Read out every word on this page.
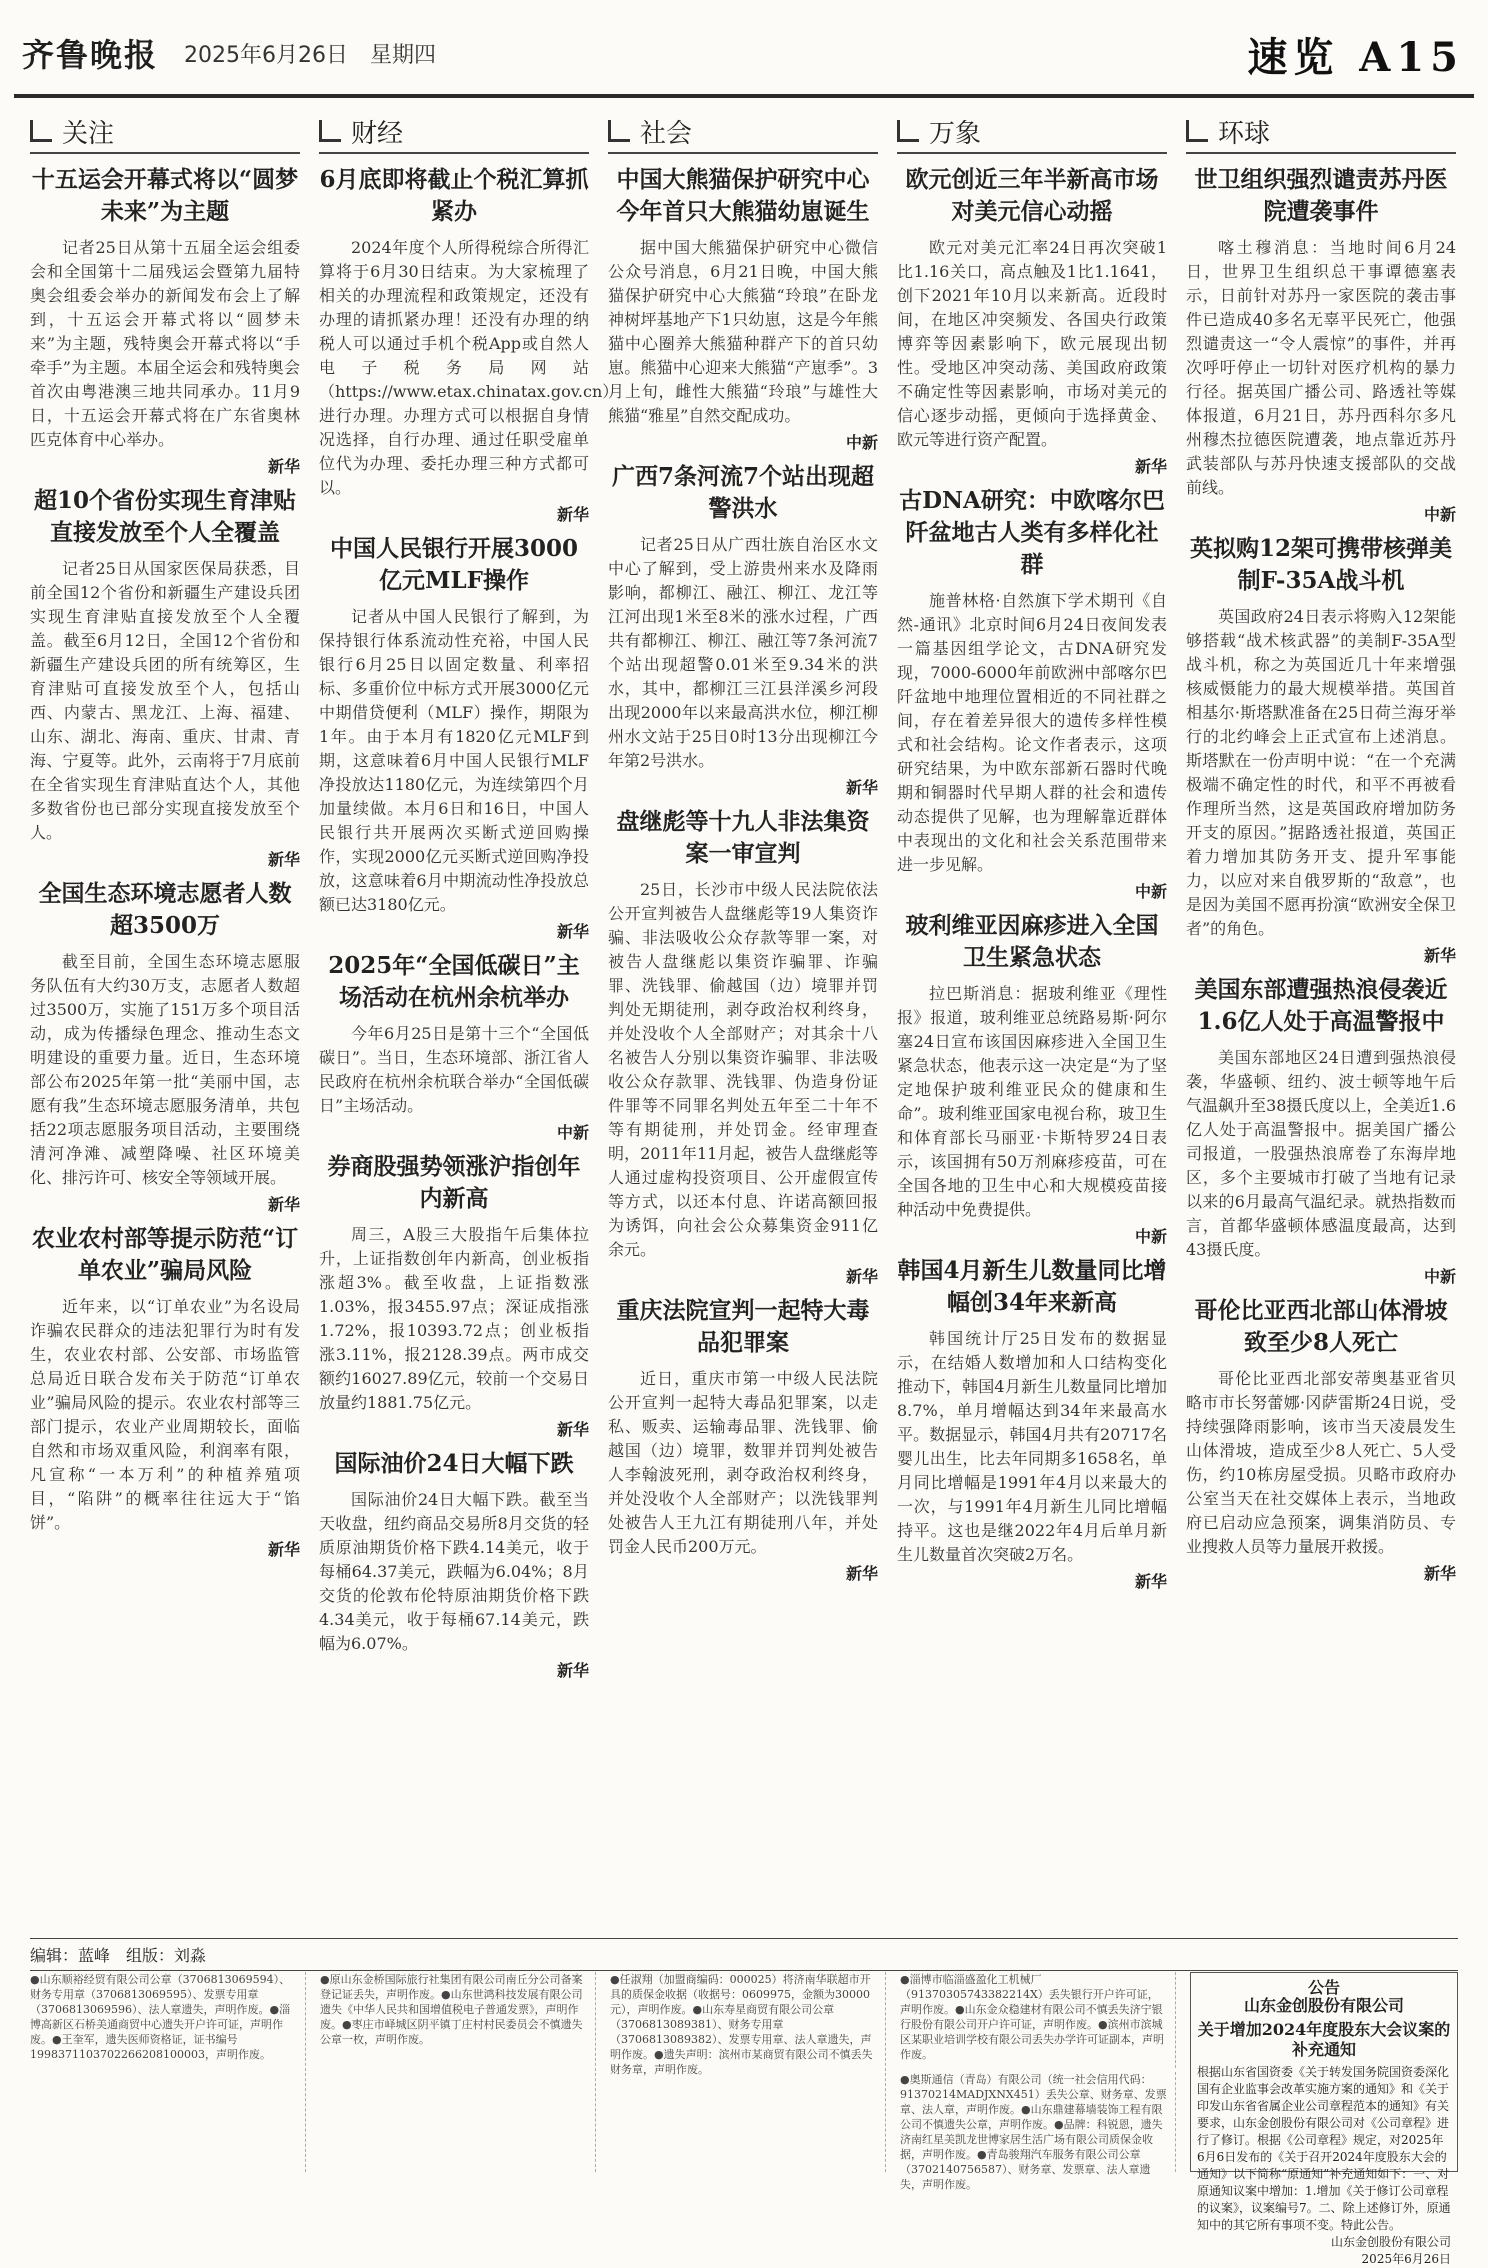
齐鲁晚报 2025年6月26日　星期四	速览 A15
关注
十五运会开幕式将以“圆梦未来”为主题
记者25日从第十五届全运会组委会和全国第十二届残运会暨第九届特奥会组委会举办的新闻发布会上了解到，十五运会开幕式将以“圆梦未来”为主题，残特奥会开幕式将以“手牵手”为主题。本届全运会和残特奥会首次由粤港澳三地共同承办。11月9日，十五运会开幕式将在广东省奥林匹克体育中心举办。
新华
超10个省份实现生育津贴直接发放至个人全覆盖
记者25日从国家医保局获悉，目前全国12个省份和新疆生产建设兵团实现生育津贴直接发放至个人全覆盖。截至6月12日，全国12个省份和新疆生产建设兵团的所有统筹区，生育津贴可直接发放至个人，包括山西、内蒙古、黑龙江、上海、福建、山东、湖北、海南、重庆、甘肃、青海、宁夏等。此外，云南将于7月底前在全省实现生育津贴直达个人，其他多数省份也已部分实现直接发放至个人。
新华
全国生态环境志愿者人数超3500万
截至目前，全国生态环境志愿服务队伍有大约30万支，志愿者人数超过3500万，实施了151万多个项目活动，成为传播绿色理念、推动生态文明建设的重要力量。近日，生态环境部公布2025年第一批“美丽中国，志愿有我”生态环境志愿服务清单，共包括22项志愿服务项目活动，主要围绕清河净滩、减塑降噪、社区环境美化、排污许可、核安全等领域开展。
新华
农业农村部等提示防范“订单农业”骗局风险
近年来，以“订单农业”为名设局诈骗农民群众的违法犯罪行为时有发生，农业农村部、公安部、市场监管总局近日联合发布关于防范“订单农业”骗局风险的提示。农业农村部等三部门提示，农业产业周期较长，面临自然和市场双重风险，利润率有限，凡宣称“一本万利”的种植养殖项目，“陷阱”的概率往往远大于“馅饼”。
新华
财经
6月底即将截止个税汇算抓紧办
2024年度个人所得税综合所得汇算将于6月30日结束。为大家梳理了相关的办理流程和政策规定，还没有办理的请抓紧办理！还没有办理的纳税人可以通过手机个税App或自然人电子税务局网站（https://www.etax.chinatax.gov.cn）进行办理。办理方式可以根据自身情况选择，自行办理、通过任职受雇单位代为办理、委托办理三种方式都可以。
新华
中国人民银行开展3000亿元MLF操作
记者从中国人民银行了解到，为保持银行体系流动性充裕，中国人民银行6月25日以固定数量、利率招标、多重价位中标方式开展3000亿元中期借贷便利（MLF）操作，期限为1年。由于本月有1820亿元MLF到期，这意味着6月中国人民银行MLF净投放达1180亿元，为连续第四个月加量续做。本月6日和16日，中国人民银行共开展两次买断式逆回购操作，实现2000亿元买断式逆回购净投放，这意味着6月中期流动性净投放总额已达3180亿元。
新华
2025年“全国低碳日”主场活动在杭州余杭举办
今年6月25日是第十三个“全国低碳日”。当日，生态环境部、浙江省人民政府在杭州余杭联合举办“全国低碳日”主场活动。
中新
券商股强势领涨沪指创年内新高
周三，A股三大股指午后集体拉升，上证指数创年内新高，创业板指涨超3%。截至收盘，上证指数涨1.03%，报3455.97点；深证成指涨1.72%，报10393.72点；创业板指涨3.11%，报2128.39点。两市成交额约16027.89亿元，较前一个交易日放量约1881.75亿元。
新华
国际油价24日大幅下跌
国际油价24日大幅下跌。截至当天收盘，纽约商品交易所8月交货的轻质原油期货价格下跌4.14美元，收于每桶64.37美元，跌幅为6.04%；8月交货的伦敦布伦特原油期货价格下跌4.34美元，收于每桶67.14美元，跌幅为6.07%。
新华
社会
中国大熊猫保护研究中心今年首只大熊猫幼崽诞生
据中国大熊猫保护研究中心微信公众号消息，6月21日晚，中国大熊猫保护研究中心大熊猫“玲琅”在卧龙神树坪基地产下1只幼崽，这是今年熊猫中心圈养大熊猫种群产下的首只幼崽。熊猫中心迎来大熊猫“产崽季”。3月上旬，雌性大熊猫“玲琅”与雄性大熊猫“雅星”自然交配成功。
中新
广西7条河流7个站出现超警洪水
记者25日从广西壮族自治区水文中心了解到，受上游贵州来水及降雨影响，都柳江、融江、柳江、龙江等江河出现1米至8米的涨水过程，广西共有都柳江、柳江、融江等7条河流7个站出现超警0.01米至9.34米的洪水，其中，都柳江三江县洋溪乡河段出现2000年以来最高洪水位，柳江柳州水文站于25日0时13分出现柳江今年第2号洪水。
新华
盘继彪等十九人非法集资案一审宣判
25日，长沙市中级人民法院依法公开宣判被告人盘继彪等19人集资诈骗、非法吸收公众存款等罪一案，对被告人盘继彪以集资诈骗罪、诈骗罪、洗钱罪、偷越国（边）境罪并罚判处无期徒刑，剥夺政治权利终身，并处没收个人全部财产；对其余十八名被告人分别以集资诈骗罪、非法吸收公众存款罪、洗钱罪、伪造身份证件罪等不同罪名判处五年至二十年不等有期徒刑，并处罚金。经审理查明，2011年11月起，被告人盘继彪等人通过虚构投资项目、公开虚假宣传等方式，以还本付息、许诺高额回报为诱饵，向社会公众募集资金911亿余元。
新华
重庆法院宣判一起特大毒品犯罪案
近日，重庆市第一中级人民法院公开宣判一起特大毒品犯罪案，以走私、贩卖、运输毒品罪、洗钱罪、偷越国（边）境罪，数罪并罚判处被告人李翰波死刑，剥夺政治权利终身，并处没收个人全部财产；以洗钱罪判处被告人王九江有期徒刑八年，并处罚金人民币200万元。
新华
万象
欧元创近三年半新高市场对美元信心动摇
欧元对美元汇率24日再次突破1比1.16关口，高点触及1比1.1641，创下2021年10月以来新高。近段时间，在地区冲突频发、各国央行政策博弈等因素影响下，欧元展现出韧性。受地区冲突动荡、美国政府政策不确定性等因素影响，市场对美元的信心逐步动摇，更倾向于选择黄金、欧元等进行资产配置。
新华
古DNA研究：中欧喀尔巴阡盆地古人类有多样化社群
施普林格·自然旗下学术期刊《自然-通讯》北京时间6月24日夜间发表一篇基因组学论文，古DNA研究发现，7000-6000年前欧洲中部喀尔巴阡盆地中地理位置相近的不同社群之间，存在着差异很大的遗传多样性模式和社会结构。论文作者表示，这项研究结果，为中欧东部新石器时代晚期和铜器时代早期人群的社会和遗传动态提供了见解，也为理解靠近群体中表现出的文化和社会关系范围带来进一步见解。
中新
玻利维亚因麻疹进入全国卫生紧急状态
拉巴斯消息：据玻利维亚《理性报》报道，玻利维亚总统路易斯·阿尔塞24日宣布该国因麻疹进入全国卫生紧急状态，他表示这一决定是“为了坚定地保护玻利维亚民众的健康和生命”。玻利维亚国家电视台称，玻卫生和体育部长马丽亚·卡斯特罗24日表示，该国拥有50万剂麻疹疫苗，可在全国各地的卫生中心和大规模疫苗接种活动中免费提供。
中新
韩国4月新生儿数量同比增幅创34年来新高
韩国统计厅25日发布的数据显示，在结婚人数增加和人口结构变化推动下，韩国4月新生儿数量同比增加8.7%，单月增幅达到34年来最高水平。数据显示，韩国4月共有20717名婴儿出生，比去年同期多1658名，单月同比增幅是1991年4月以来最大的一次，与1991年4月新生儿同比增幅持平。这也是继2022年4月后单月新生儿数量首次突破2万名。
新华
环球
世卫组织强烈谴责苏丹医院遭袭事件
喀土穆消息：当地时间6月24日，世界卫生组织总干事谭德塞表示，日前针对苏丹一家医院的袭击事件已造成40多名无辜平民死亡，他强烈谴责这一“令人震惊”的事件，并再次呼吁停止一切针对医疗机构的暴力行径。据英国广播公司、路透社等媒体报道，6月21日，苏丹西科尔多凡州穆杰拉德医院遭袭，地点靠近苏丹武装部队与苏丹快速支援部队的交战前线。
中新
英拟购12架可携带核弹美制F-35A战斗机
英国政府24日表示将购入12架能够搭载“战术核武器”的美制F-35A型战斗机，称之为英国近几十年来增强核威慑能力的最大规模举措。英国首相基尔·斯塔默准备在25日荷兰海牙举行的北约峰会上正式宣布上述消息。斯塔默在一份声明中说：“在一个充满极端不确定性的时代，和平不再被看作理所当然，这是英国政府增加防务开支的原因。”据路透社报道，英国正着力增加其防务开支、提升军事能力，以应对来自俄罗斯的“敌意”，也是因为美国不愿再扮演“欧洲安全保卫者”的角色。
新华
美国东部遭强热浪侵袭近1.6亿人处于高温警报中
美国东部地区24日遭到强热浪侵袭，华盛顿、纽约、波士顿等地午后气温飙升至38摄氏度以上，全美近1.6亿人处于高温警报中。据美国广播公司报道，一股强热浪席卷了东海岸地区，多个主要城市打破了当地有记录以来的6月最高气温纪录。就热指数而言，首都华盛顿体感温度最高，达到43摄氏度。
中新
哥伦比亚西北部山体滑坡致至少8人死亡
哥伦比亚西北部安蒂奥基亚省贝略市市长努蕾娜·冈萨雷斯24日说，受持续强降雨影响，该市当天凌晨发生山体滑坡，造成至少8人死亡、5人受伤，约10栋房屋受损。贝略市政府办公室当天在社交媒体上表示，当地政府已启动应急预案，调集消防员、专业搜救人员等力量展开救援。
新华
编辑：蓝峰　组版：刘淼
●山东顺裕经贸有限公司公章（3706813069594）、财务专用章（3706813069595）、发票专用章（3706813069596）、法人章遗失，声明作废。●淄博高新区石桥美通商贸中心遗失开户许可证，声明作废。●王奎军，遗失医师资格证，证书编号1998371103702266208100003，声明作废。
●原山东金桥国际旅行社集团有限公司南丘分公司备案登记证丢失，声明作废。●山东世鸿科技发展有限公司遗失《中华人民共和国增值税电子普通发票》，声明作废。●枣庄市峄城区阴平镇丁庄村村民委员会不慎遗失公章一枚，声明作废。
●任淑翔（加盟商编码：000025）将济南华联超市开具的质保金收据（收据号：0609975，金额为30000元），声明作废。●山东寿星商贸有限公司公章（3706813089381）、财务专用章（3706813089382）、发票专用章、法人章遗失，声明作废。●遗失声明：滨州市某商贸有限公司不慎丢失财务章，声明作废。
●淄博市临淄盛盈化工机械厂（91370305743382214X）丢失银行开户许可证，声明作废。●山东金众稳建材有限公司不慎丢失济宁银行股份有限公司开户许可证，声明作废。●滨州市滨城区某职业培训学校有限公司丢失办学许可证副本，声明作废。
●奥斯通信（青岛）有限公司（统一社会信用代码：91370214MADJXNX451）丢失公章、财务章、发票章、法人章，声明作废。●山东鼎建幕墙装饰工程有限公司不慎遗失公章，声明作废。●品牌：科锐恩，遗失济南红星美凯龙世博家居生活广场有限公司质保金收据，声明作废。●青岛骏翔汽车服务有限公司公章（3702140756587）、财务章、发票章、法人章遗失，声明作废。
公告
山东金创股份有限公司
关于增加2024年度股东大会议案的补充通知
根据山东省国资委《关于转发国务院国资委深化国有企业监事会改革实施方案的通知》和《关于印发山东省省属企业公司章程范本的通知》有关要求，山东金创股份有限公司对《公司章程》进行了修订。根据《公司章程》规定，对2025年6月6日发布的《关于召开2024年度股东大会的通知》以下简称“原通知”补充通知如下：一、对原通知议案中增加：1.增加《关于修订公司章程的议案》，议案编号7。二、除上述修订外，原通知中的其它所有事项不变。特此公告。
山东金创股份有限公司
2025年6月26日
